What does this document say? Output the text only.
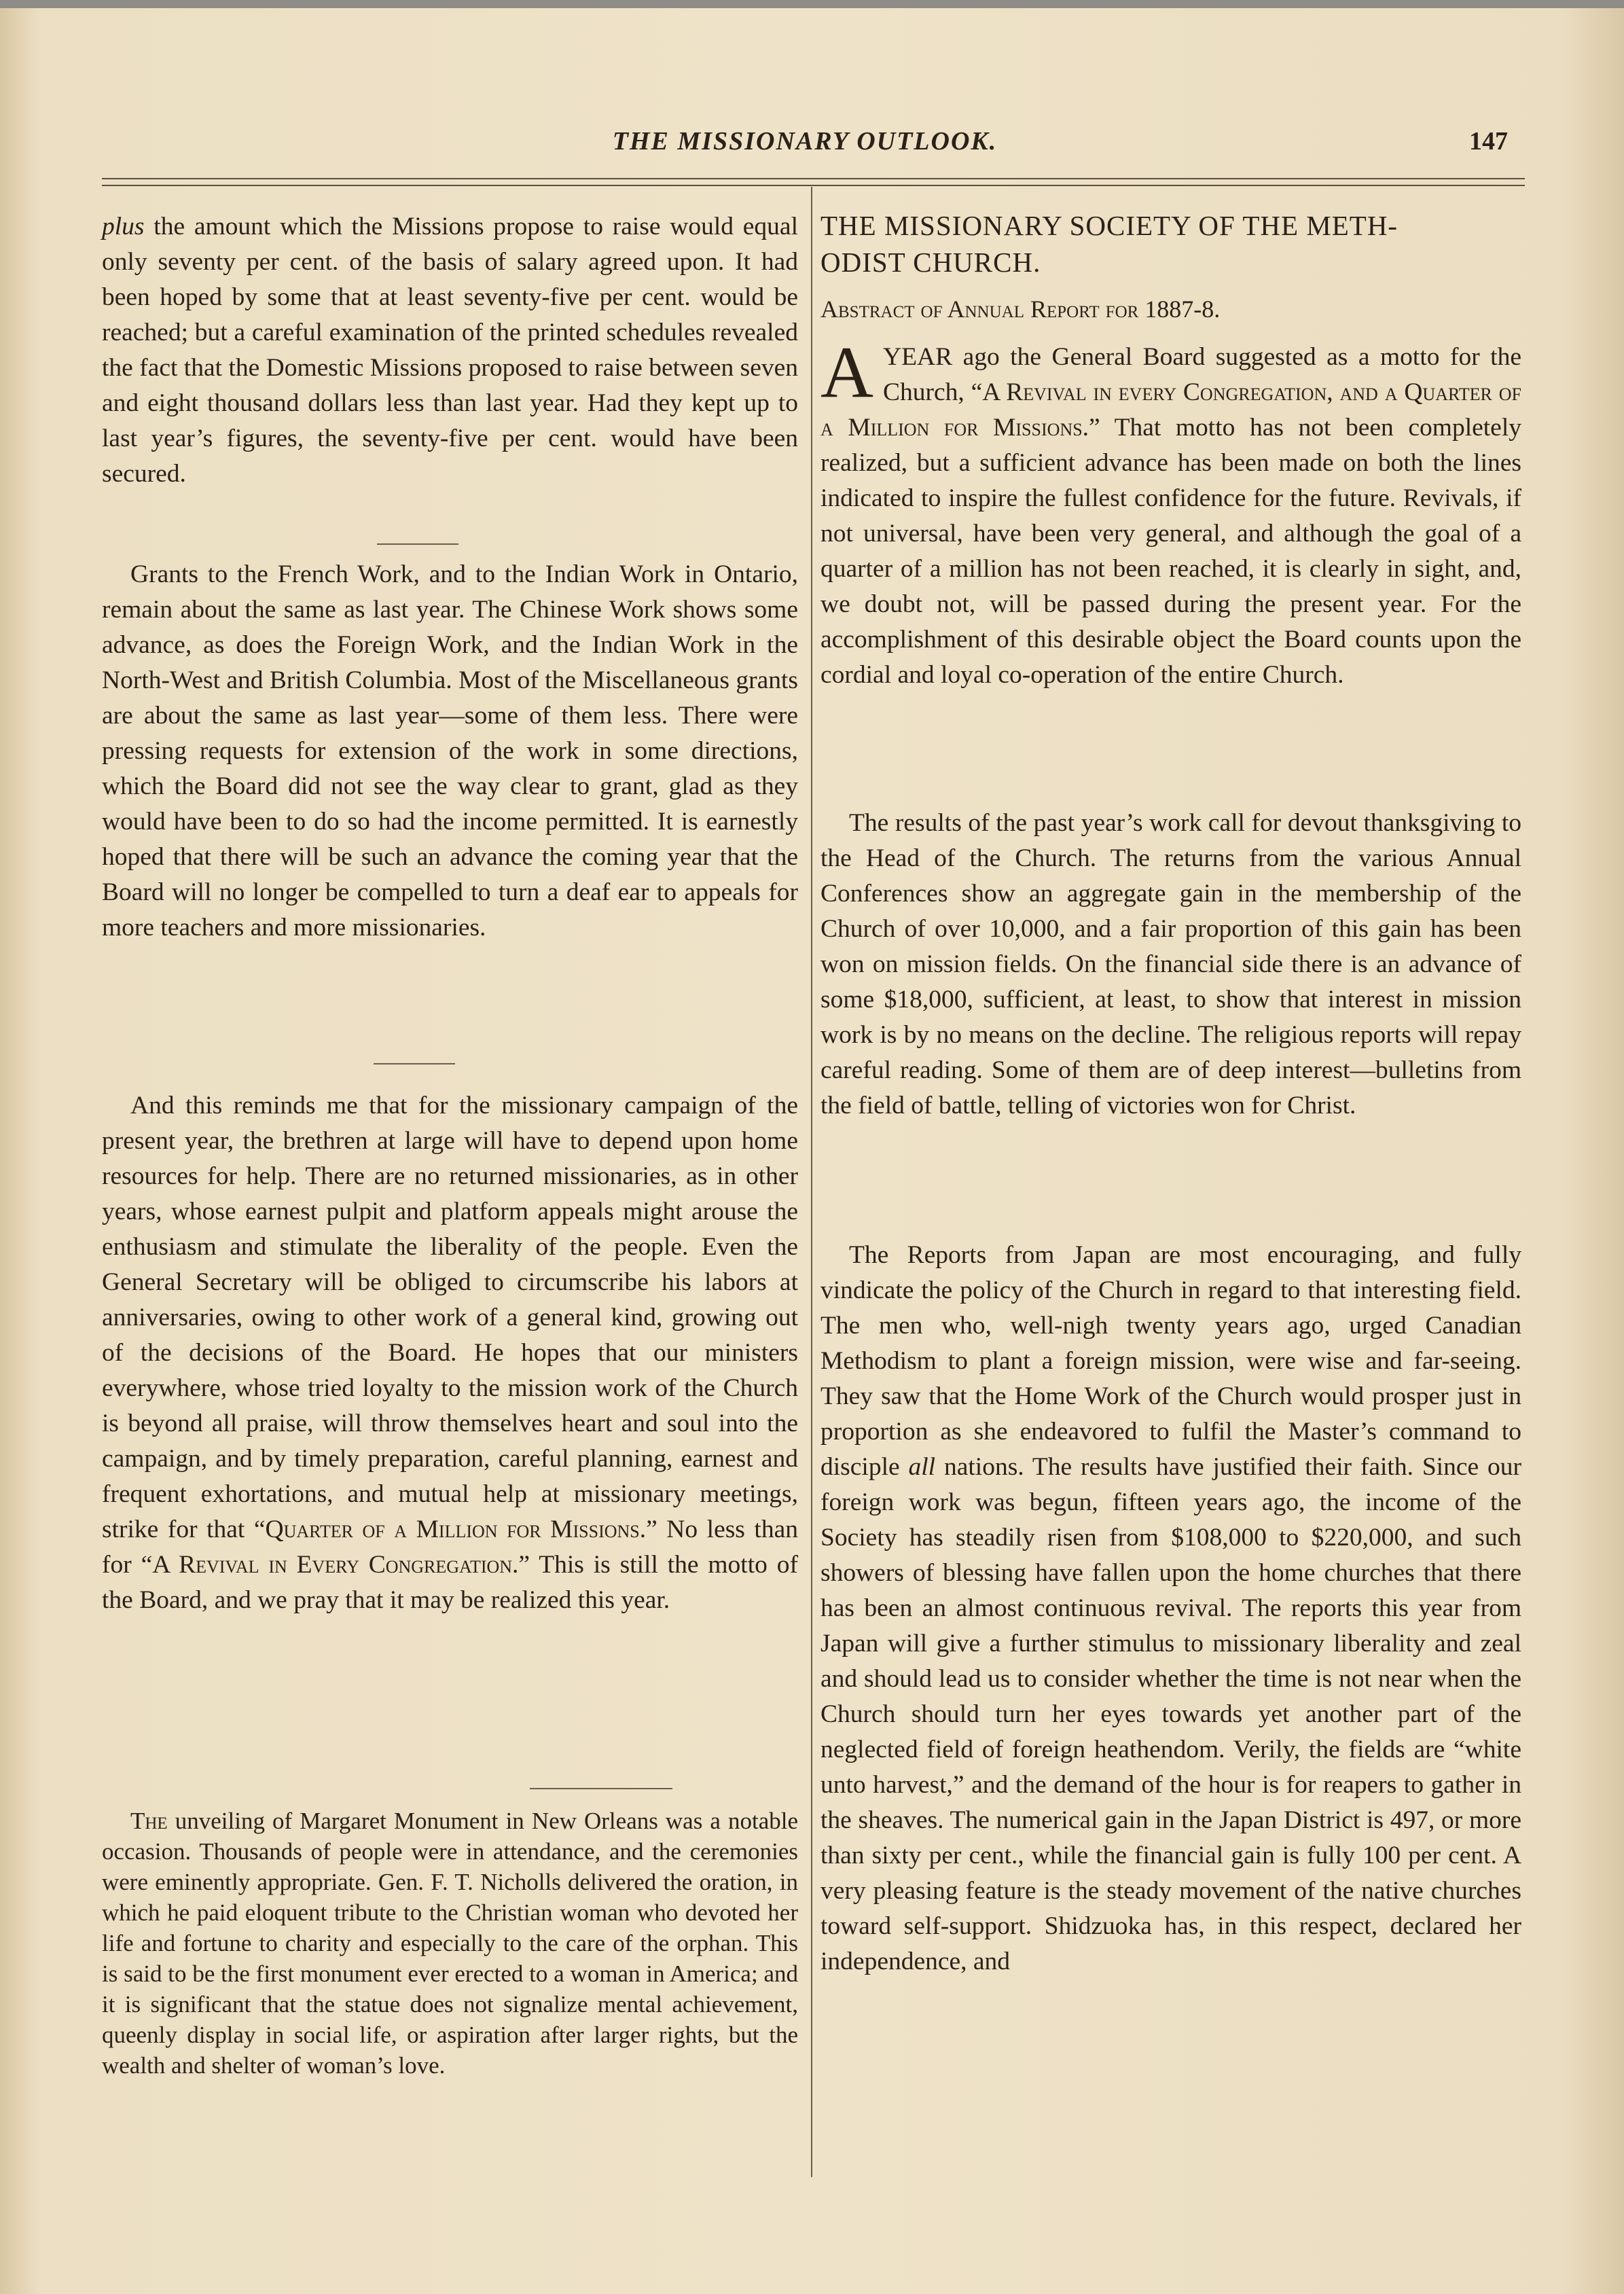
THE MISSIONARY OUTLOOK.	147

plus the amount which the Missions propose to raise would equal only seventy per cent. of the basis of salary agreed upon. It had been hoped by some that at least seventy-five per cent. would be reached; but a careful examination of the printed schedules revealed the fact that the Domestic Missions proposed to raise between seven and eight thousand dollars less than last year. Had they kept up to last year’s figures, the seventy-five per cent. would have been secured.

Grants to the French Work, and to the Indian Work in Ontario, remain about the same as last year. The Chinese Work shows some advance, as does the Foreign Work, and the Indian Work in the North-West and British Columbia. Most of the Miscellaneous grants are about the same as last year—some of them less. There were pressing requests for extension of the work in some directions, which the Board did not see the way clear to grant, glad as they would have been to do so had the income permitted. It is earnestly hoped that there will be such an advance the coming year that the Board will no longer be compelled to turn a deaf ear to appeals for more teachers and more missionaries.

And this reminds me that for the missionary campaign of the present year, the brethren at large will have to depend upon home resources for help. There are no returned missionaries, as in other years, whose earnest pulpit and platform appeals might arouse the enthusiasm and stimulate the liberality of the people. Even the General Secretary will be obliged to circumscribe his labors at anniversaries, owing to other work of a general kind, growing out of the decisions of the Board. He hopes that our ministers everywhere, whose tried loyalty to the mission work of the Church is beyond all praise, will throw themselves heart and soul into the campaign, and by timely preparation, careful planning, earnest and frequent exhortations, and mutual help at missionary meetings, strike for that “Quarter of a Million for Missions.” No less than for “A Revival in Every Congregation.” This is still the motto of the Board, and we pray that it may be realized this year.

The unveiling of Margaret Monument in New Orleans was a notable occasion. Thousands of people were in attendance, and the ceremonies were eminently appropriate. Gen. F. T. Nicholls delivered the oration, in which he paid eloquent tribute to the Christian woman who devoted her life and fortune to charity and especially to the care of the orphan. This is said to be the first monument ever erected to a woman in America; and it is significant that the statue does not signalize mental achievement, queenly display in social life, or aspiration after larger rights, but the wealth and shelter of woman’s love.

THE MISSIONARY SOCIETY OF THE METH-

ODIST CHURCH.

Abstract of Annual Report for 1887-8.

A YEAR ago the General Board suggested as a motto for the Church, “A Revival in every Congregation, and a Quarter of a Million for Missions.” That motto has not been completely realized, but a sufficient advance has been made on both the lines indicated to inspire the fullest confidence for the future. Revivals, if not universal, have been very general, and although the goal of a quarter of a million has not been reached, it is clearly in sight, and, we doubt not, will be passed during the present year. For the accomplishment of this desirable object the Board counts upon the cordial and loyal co-operation of the entire Church.

The results of the past year’s work call for devout thanksgiving to the Head of the Church. The returns from the various Annual Conferences show an aggregate gain in the membership of the Church of over 10,000, and a fair proportion of this gain has been won on mission fields. On the financial side there is an advance of some $18,000, sufficient, at least, to show that interest in mission work is by no means on the decline. The religious reports will repay careful reading. Some of them are of deep interest—bulletins from the field of battle, telling of victories won for Christ.

The Reports from Japan are most encouraging, and fully vindicate the policy of the Church in regard to that interesting field. The men who, well-nigh twenty years ago, urged Canadian Methodism to plant a foreign mission, were wise and far-seeing. They saw that the Home Work of the Church would prosper just in proportion as she endeavored to fulfil the Master’s command to disciple all nations. The results have justified their faith. Since our foreign work was begun, fifteen years ago, the income of the Society has steadily risen from $108,000 to $220,000, and such showers of blessing have fallen upon the home churches that there has been an almost continuous revival. The reports this year from Japan will give a further stimulus to missionary liberality and zeal and should lead us to consider whether the time is not near when the Church should turn her eyes towards yet another part of the neglected field of foreign heathendom. Verily, the fields are “white unto harvest,” and the demand of the hour is for reapers to gather in the sheaves. The numerical gain in the Japan District is 497, or more than sixty per cent., while the financial gain is fully 100 per cent. A very pleasing feature is the steady movement of the native churches toward self-support. Shidzuoka has, in this respect, declared her independence, and
